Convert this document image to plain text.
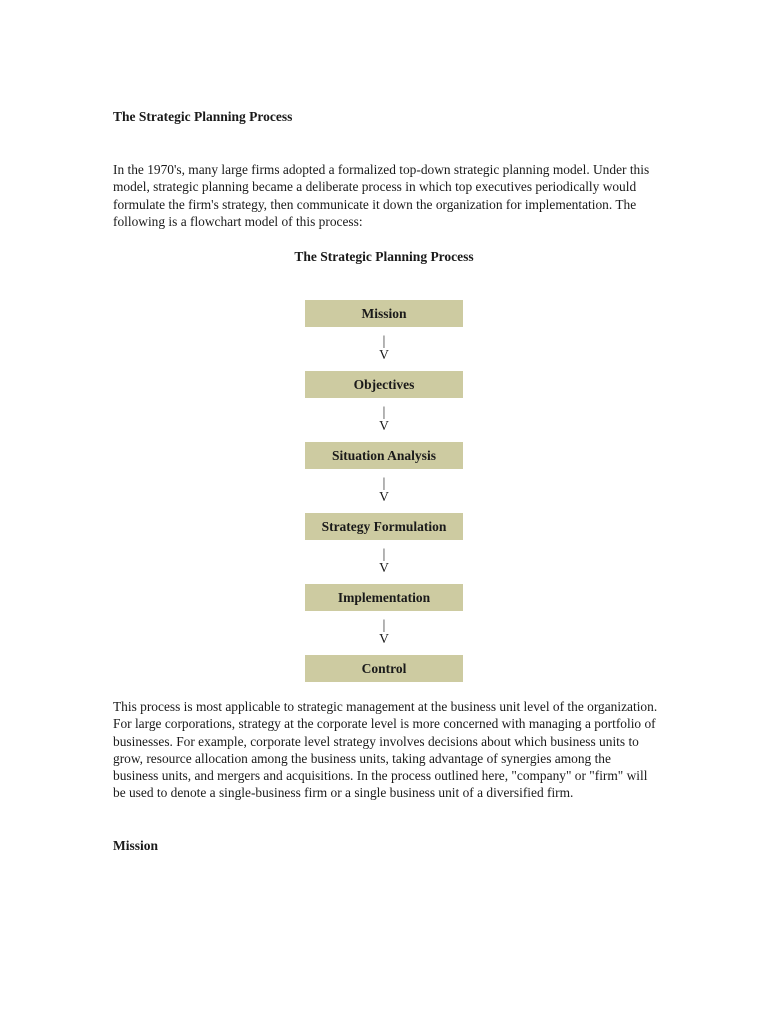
The Strategic Planning Process

In the 1970's, many large firms adopted a formalized top-down strategic planning model. Under this model, strategic planning became a deliberate process in which top executives periodically would formulate the firm's strategy, then communicate it down the organization for implementation. The following is a flowchart model of this process:

The Strategic Planning Process

Mission
|
V
Objectives
|
V
Situation Analysis
|
V
Strategy Formulation
|
V
Implementation
|
V
Control

This process is most applicable to strategic management at the business unit level of the organization. For large corporations, strategy at the corporate level is more concerned with managing a portfolio of businesses. For example, corporate level strategy involves decisions about which business units to grow, resource allocation among the business units, taking advantage of synergies among the business units, and mergers and acquisitions. In the process outlined here, "company" or "firm" will be used to denote a single-business firm or a single business unit of a diversified firm.

Mission
